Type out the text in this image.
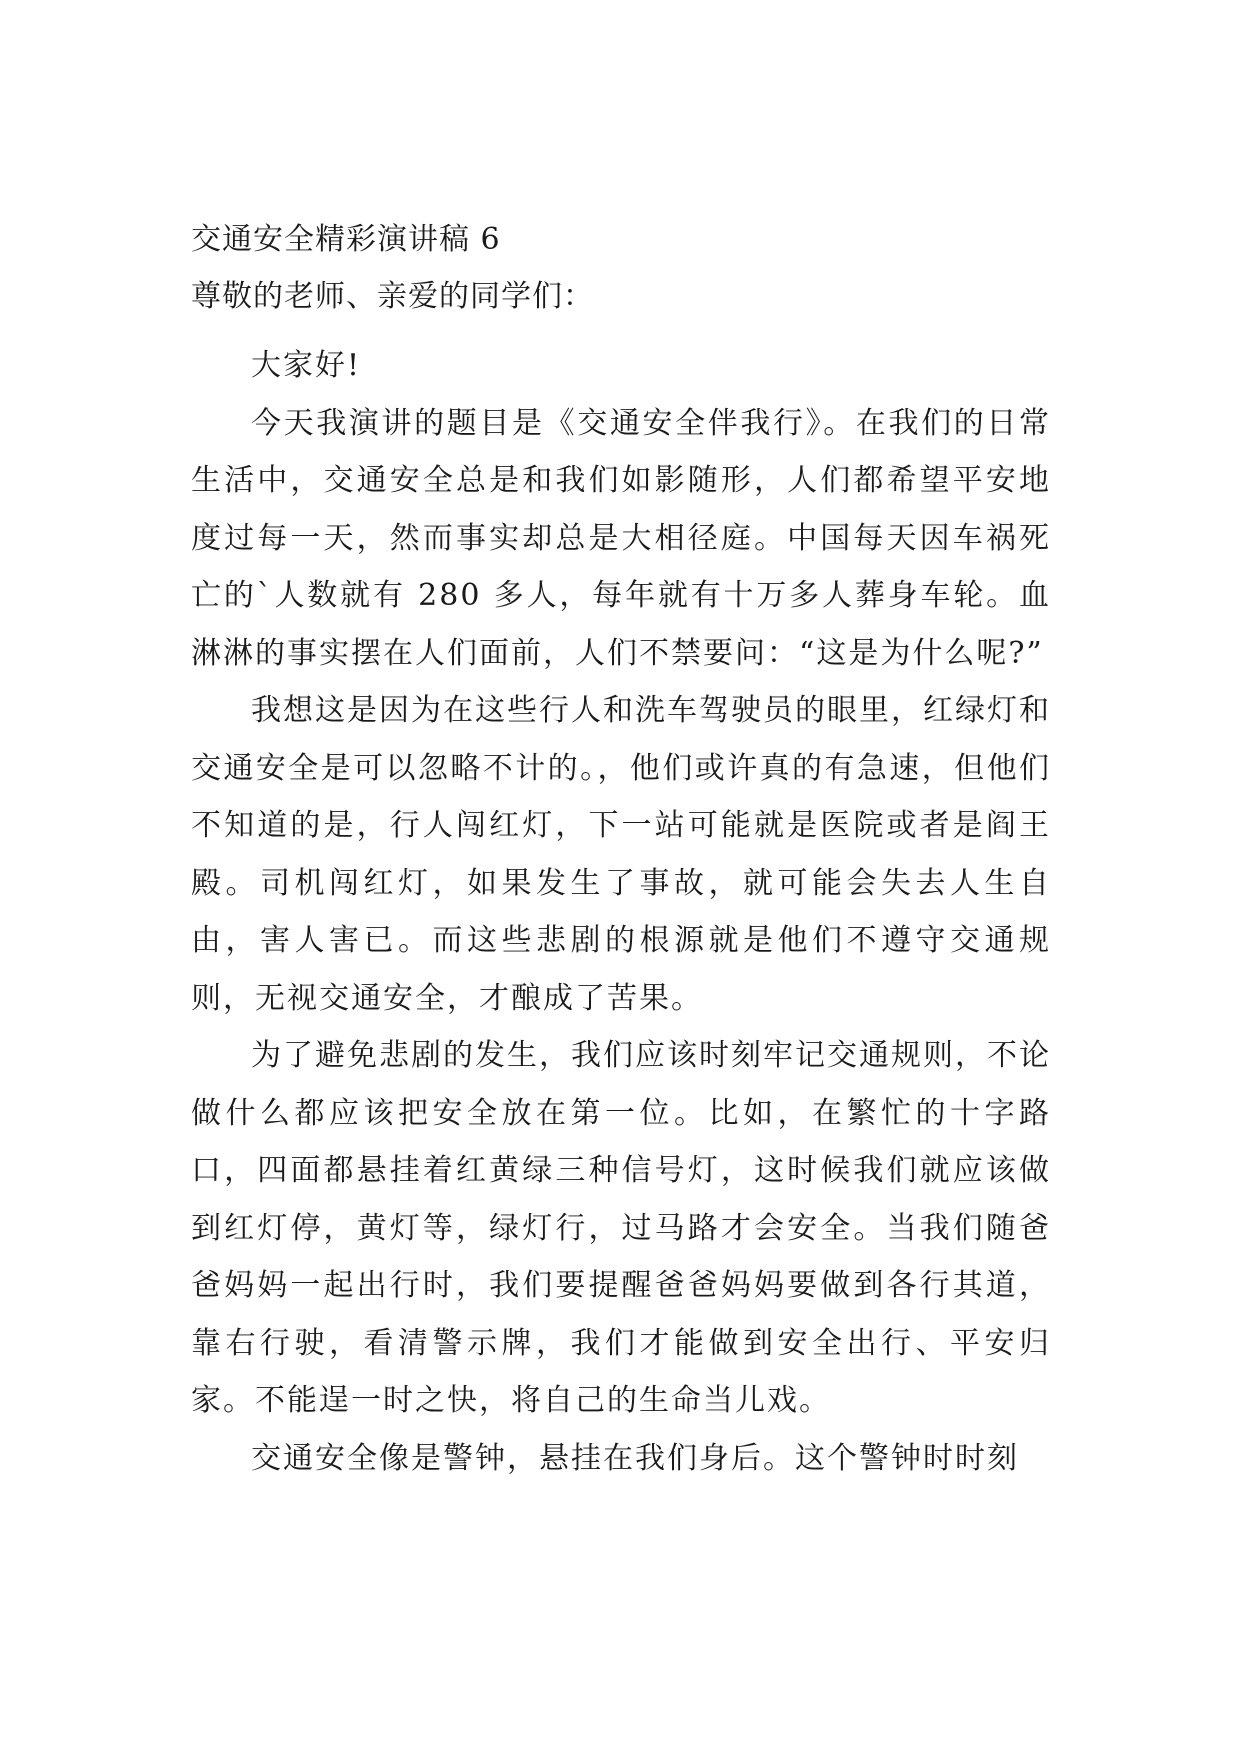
交通安全精彩演讲稿 6
尊敬的老师、亲爱的同学们：

大家好!

今天我演讲的题目是《交通安全伴我行》。在我们的日常生活中，交通安全总是和我们如影随形，人们都希望平安地度过每一天，然而事实却总是大相径庭。中国每天因车祸死亡的`人数就有 280 多人，每年就有十万多人葬身车轮。血淋淋的事实摆在人们面前，人们不禁要问：“这是为什么呢?”

我想这是因为在这些行人和洗车驾驶员的眼里，红绿灯和交通安全是可以忽略不计的。，他们或许真的有急速，但他们不知道的是，行人闯红灯，下一站可能就是医院或者是阎王殿。司机闯红灯，如果发生了事故，就可能会失去人生自由，害人害已。而这些悲剧的根源就是他们不遵守交通规则，无视交通安全，才酿成了苦果。

为了避免悲剧的发生，我们应该时刻牢记交通规则，不论做什么都应该把安全放在第一位。比如，在繁忙的十字路口，四面都悬挂着红黄绿三种信号灯，这时候我们就应该做到红灯停，黄灯等，绿灯行，过马路才会安全。当我们随爸爸妈妈一起出行时，我们要提醒爸爸妈妈要做到各行其道，靠右行驶，看清警示牌，我们才能做到安全出行、平安归家。不能逞一时之快，将自己的生命当儿戏。

交通安全像是警钟，悬挂在我们身后。这个警钟时时刻
